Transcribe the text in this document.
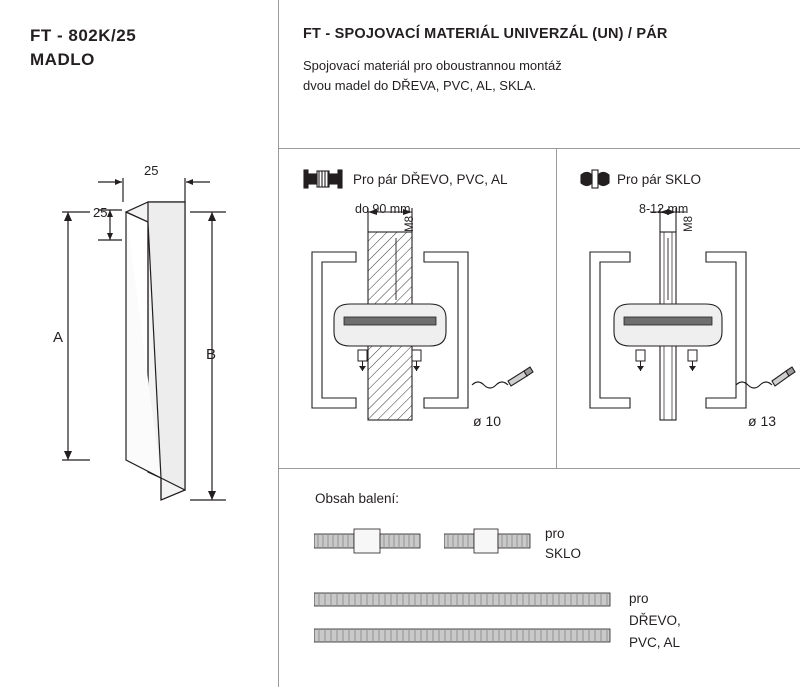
FT - 802K/25
MADLO
FT - SPOJOVACÍ MATERIÁL UNIVERZÁL (UN) / PÁR
Spojovací materiál pro oboustrannou montáž
dvou madel do DŘEVA, PVC, AL, SKLA.
25
25
A
B
Pro pár DŘEVO, PVC, AL
do 90 mm
M8
ø 10
Pro pár SKLO
8-12 mm
M8
ø 13
Obsah balení:
pro
SKLO
pro
DŘEVO,
PVC, AL
